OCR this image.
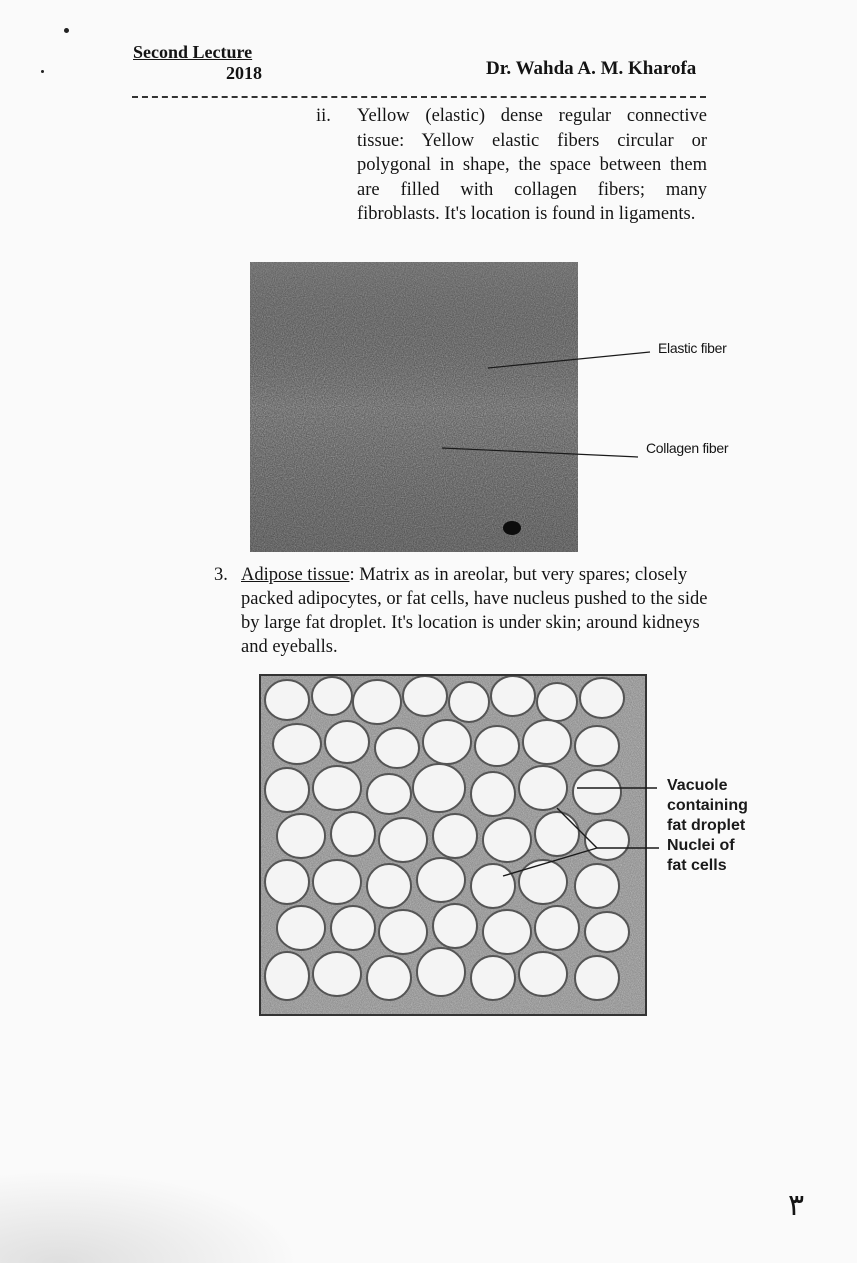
Second Lecture
2018	Dr. Wahda A. M. Kharofa
ii. Yellow (elastic) dense regular connective tissue: Yellow elastic fibers circular or polygonal in shape, the space between them are filled with collagen fibers; many fibroblasts. It's location is found in ligaments.
Elastic fiber
Collagen fiber
3. Adipose tissue: Matrix as in areolar, but very spares; closely packed adipocytes, or fat cells, have nucleus pushed to the side by large fat droplet. It's location is under skin; around kidneys and eyeballs.
Vacuole
containing
fat droplet
Nuclei of
fat cells
٣
